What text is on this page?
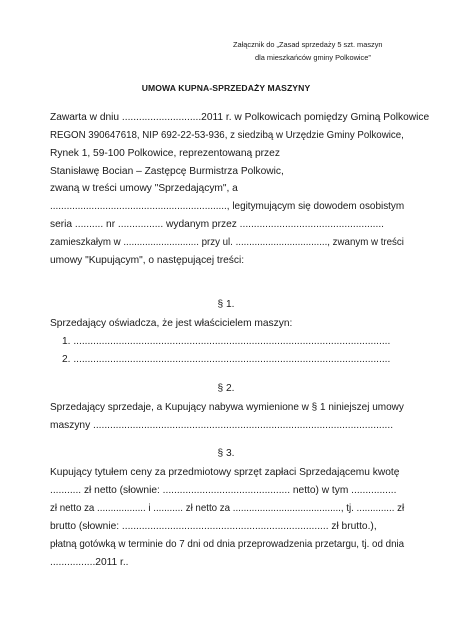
Załącznik do „Zasad sprzedaży 5 szt. maszyn
dla mieszkańców gminy Polkowice”
UMOWA KUPNA-SPRZEDAŻY MASZYNY
Zawarta w dniu ............................2011 r. w Polkowicach pomiędzy Gminą Polkowice
REGON 390647618, NIP 692-22-53-936, z siedzibą w Urzędzie Gminy Polkowice,
Rynek 1, 59-100 Polkowice, reprezentowaną przez
Stanisławę Bocian – Zastępcę Burmistrza Polkowic,
zwaną w treści umowy "Sprzedającym", a
................................................................, legitymującym się dowodem osobistym
seria .......... nr ................ wydanym przez ...................................................
zamieszkałym w ............................ przy ul. .................................., zwanym w treści
umowy "Kupującym", o następującej treści:
§ 1.
Sprzedający oświadcza, że jest właścicielem maszyn:
1. ................................................................................................................
2. ................................................................................................................
§ 2.
Sprzedający sprzedaje, a Kupujący nabywa wymienione w § 1 niniejszej umowy
maszyny ..........................................................................................................
§ 3.
Kupujący tytułem ceny za przedmiotowy sprzęt zapłaci Sprzedającemu kwotę
........... zł netto (słownie: ............................................. netto) w tym ................
zł netto za .................. i ........... zł netto za ........................................, tj. .............. zł
brutto (słownie: ......................................................................... zł brutto.),
płatną gotówką w terminie do 7 dni od dnia przeprowadzenia przetargu, tj. od dnia
................2011 r..
